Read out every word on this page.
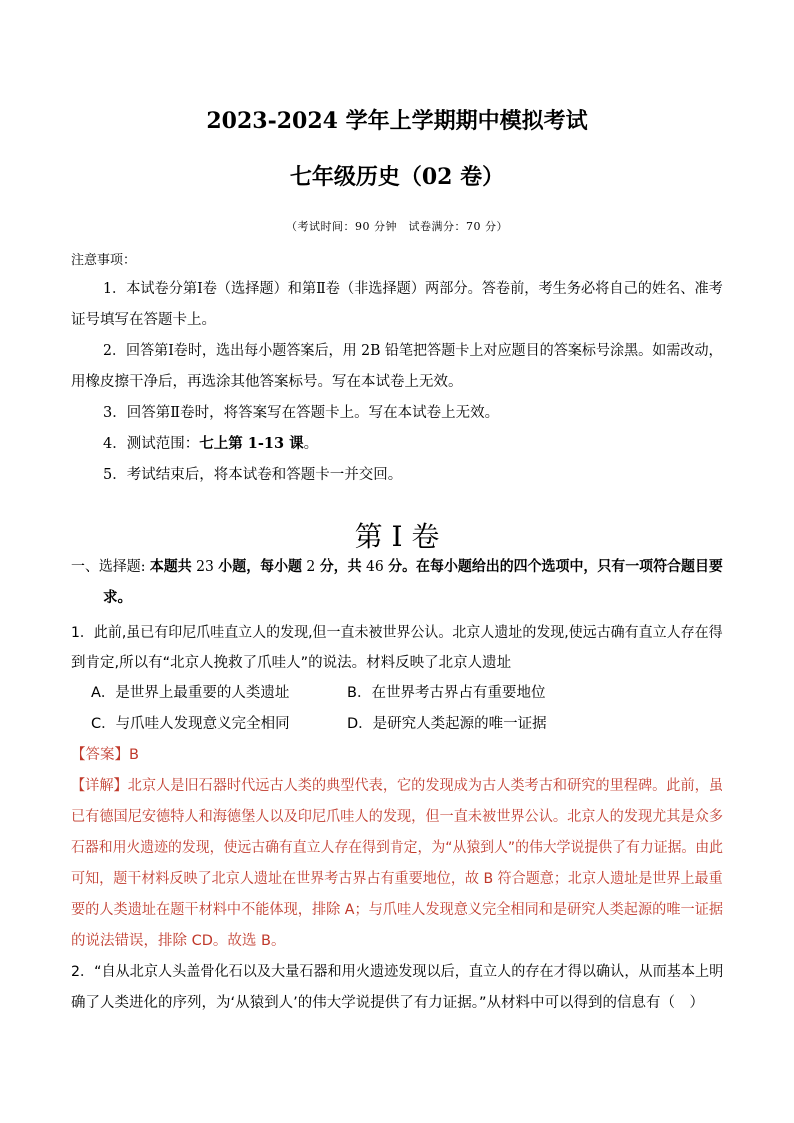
2023-2024 学年上学期期中模拟考试
七年级历史（02 卷）
（考试时间：90 分钟　试卷满分：70 分）
注意事项：
1．本试卷分第Ⅰ卷（选择题）和第Ⅱ卷（非选择题）两部分。答卷前，考生务必将自己的姓名、准考
证号填写在答题卡上。
2．回答第Ⅰ卷时，选出每小题答案后，用 2B 铅笔把答题卡上对应题目的答案标号涂黑。如需改动，
用橡皮擦干净后，再选涂其他答案标号。写在本试卷上无效。
3．回答第Ⅱ卷时，将答案写在答题卡上。写在本试卷上无效。
4．测试范围：七上第 1-13 课。
5．考试结束后，将本试卷和答题卡一并交回。
第 I 卷
一、选择题: 本题共 23 小题，每小题 2 分，共 46 分。在每小题给出的四个选项中，只有一项符合题目要
求。
1．此前,虽已有印尼爪哇直立人的发现,但一直未被世界公认。北京人遗址的发现,使远古确有直立人存在得
到肯定,所以有“北京人挽救了爪哇人”的说法。材料反映了北京人遗址
A．是世界上最重要的人类遗址	B．在世界考古界占有重要地位
C．与爪哇人发现意义完全相同	D．是研究人类起源的唯一证据
【答案】B
【详解】北京人是旧石器时代远古人类的典型代表，它的发现成为古人类考古和研究的里程碑。此前，虽
已有德国尼安德特人和海德堡人以及印尼爪哇人的发现，但一直未被世界公认。北京人的发现尤其是众多
石器和用火遗迹的发现，使远古确有直立人存在得到肯定，为“从猿到人”的伟大学说提供了有力证据。由此
可知，题干材料反映了北京人遗址在世界考古界占有重要地位，故 B 符合题意；北京人遗址是世界上最重
要的人类遗址在题干材料中不能体现，排除 A；与爪哇人发现意义完全相同和是研究人类起源的唯一证据
的说法错误，排除 CD。故选 B。
2．“自从北京人头盖骨化石以及大量石器和用火遗迹发现以后，直立人的存在才得以确认，从而基本上明
确了人类进化的序列，为‘从猿到人’的伟大学说提供了有力证据。”从材料中可以得到的信息有（　）
